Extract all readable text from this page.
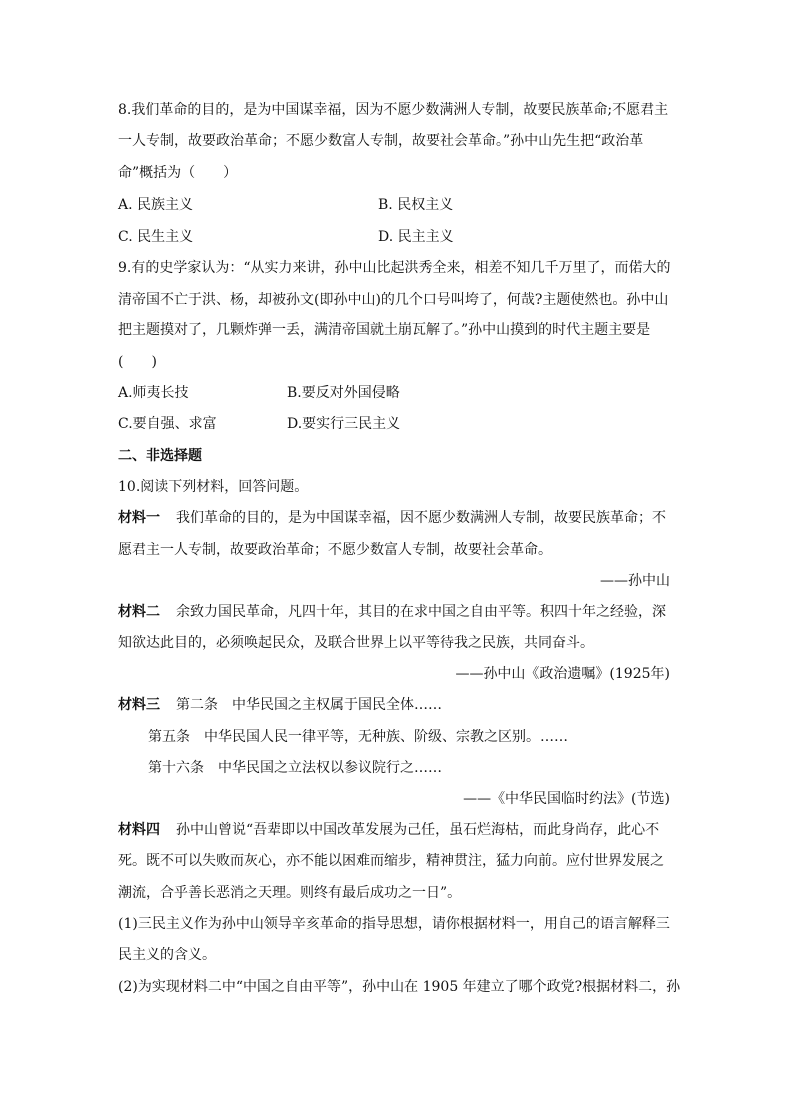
8.我们革命的目的，是为中国谋幸福，因为不愿少数满洲人专制，故要民族革命;不愿君主
一人专制，故要政治革命；不愿少数富人专制，故要社会革命。”孙中山先生把“政治革
命”概括为（　　）
A. 民族主义	B. 民权主义
C. 民生主义	D. 民主主义
9.有的史学家认为：“从实力来讲，孙中山比起洪秀全来，相差不知几千万里了，而偌大的
清帝国不亡于洪、杨，却被孙文(即孙中山)的几个口号叫垮了，何哉?主题使然也。孙中山
把主题摸对了，几颗炸弹一丢，满清帝国就土崩瓦解了。”孙中山摸到的时代主题主要是
(　　)
A.师夷长技	B.要反对外国侵略
C.要自强、求富	D.要实行三民主义
二、非选择题
10.阅读下列材料，回答问题。
材料一 我们革命的目的，是为中国谋幸福，因不愿少数满洲人专制，故要民族革命；不
愿君主一人专制，故要政治革命；不愿少数富人专制，故要社会革命。
——孙中山
材料二 余致力国民革命，凡四十年，其目的在求中国之自由平等。积四十年之经验，深
知欲达此目的，必须唤起民众，及联合世界上以平等待我之民族，共同奋斗。
——孙中山《政治遗嘱》(1925年)
材料三 第二条　中华民国之主权属于国民全体……
第五条　中华民国人民一律平等，无种族、阶级、宗教之区别。……
第十六条　中华民国之立法权以参议院行之……
——《中华民国临时约法》(节选)
材料四 孙中山曾说“吾辈即以中国改革发展为己任，虽石烂海枯，而此身尚存，此心不
死。既不可以失败而灰心，亦不能以困难而缩步，精神贯注，猛力向前。应付世界发展之
潮流，合乎善长恶消之天理。则终有最后成功之一日”。
(1)三民主义作为孙中山领导辛亥革命的指导思想，请你根据材料一，用自己的语言解释三
民主义的含义。
(2)为实现材料二中“中国之自由平等”，孙中山在 1905 年建立了哪个政党?根据材料二，孙
